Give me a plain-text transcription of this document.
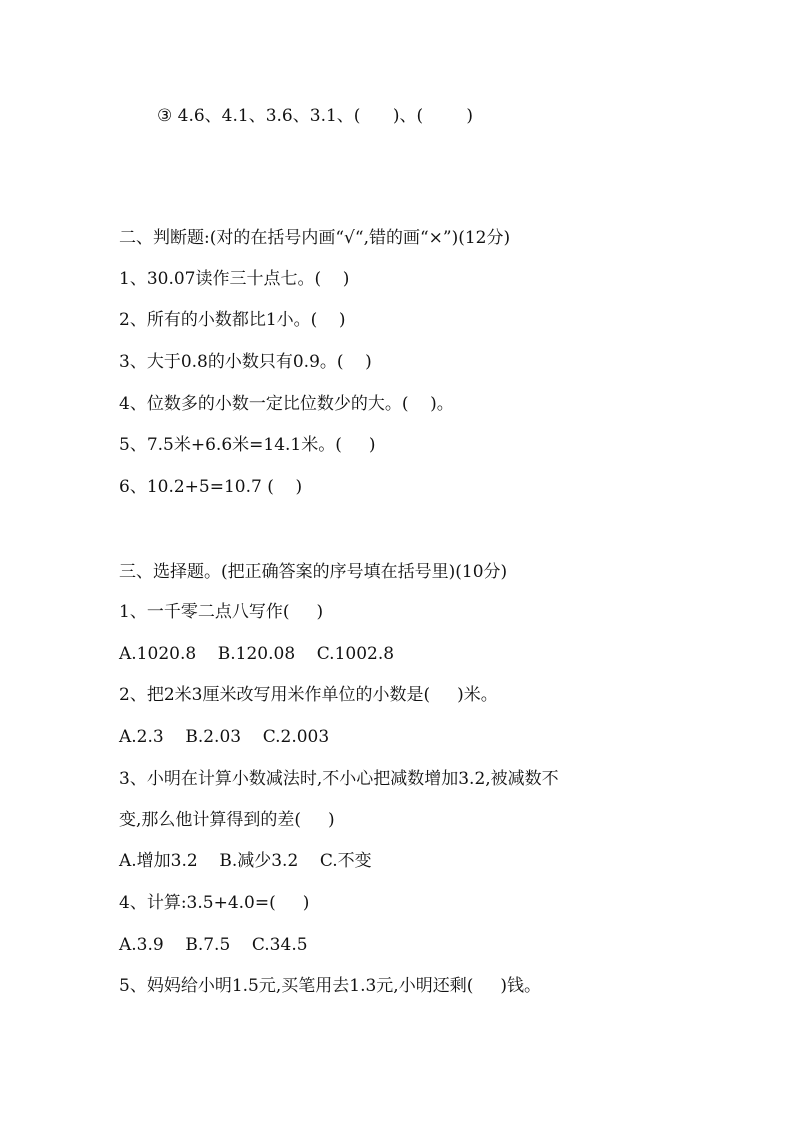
③ 4.6、4.1、3.6、3.1、(      )、(        )
二、判断题:(对的在括号内画“√“,错的画“×”)(12分)
1、30.07读作三十点七。(    )
2、所有的小数都比1小。(    )
3、大于0.8的小数只有0.9。(    )
4、位数多的小数一定比位数少的大。(    )。
5、7.5米+6.6米=14.1米。(     )
6、10.2+5=10.7 (    )
三、选择题。(把正确答案的序号填在括号里)(10分)
1、一千零二点八写作(     )
A.1020.8    B.120.08    C.1002.8
2、把2米3厘米改写用米作单位的小数是(     )米。
A.2.3    B.2.03    C.2.003
3、小明在计算小数减法时,不小心把减数增加3.2,被减数不
变,那么他计算得到的差(     )
A.增加3.2    B.减少3.2    C.不变
4、计算:3.5+4.0=(     )
A.3.9    B.7.5    C.34.5
5、妈妈给小明1.5元,买笔用去1.3元,小明还剩(     )钱。
